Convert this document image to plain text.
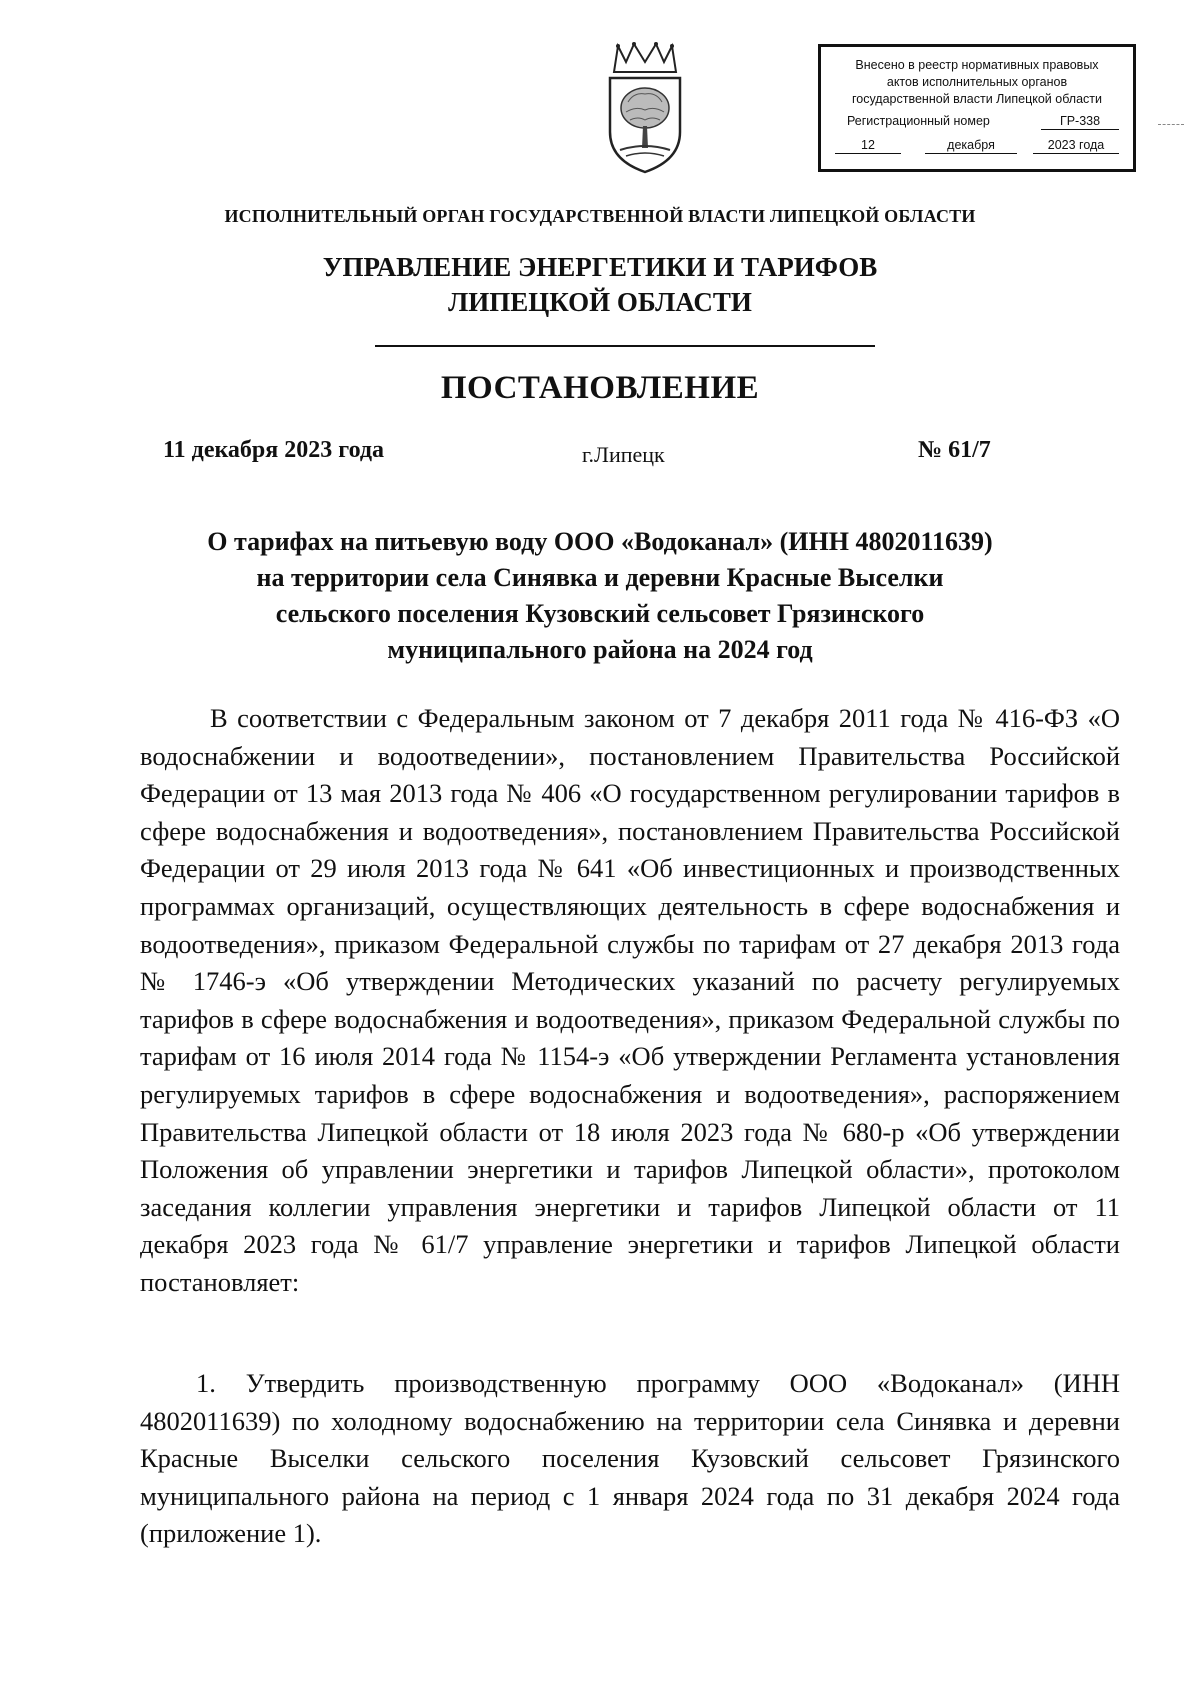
Внесено в реестр нормативных правовых
актов исполнительных органов
государственной власти Липецкой области
Регистрационный номер	ГР-338
12	декабря	2023 года
ИСПОЛНИТЕЛЬНЫЙ ОРГАН ГОСУДАРСТВЕННОЙ ВЛАСТИ ЛИПЕЦКОЙ ОБЛАСТИ
УПРАВЛЕНИЕ ЭНЕРГЕТИКИ И ТАРИФОВ
ЛИПЕЦКОЙ ОБЛАСТИ
ПОСТАНОВЛЕНИЕ
11 декабря 2023 года	г.Липецк	№ 61/7
О тарифах на питьевую воду ООО «Водоканал» (ИНН 4802011639)
на территории села Синявка и деревни Красные Выселки
сельского поселения Кузовский сельсовет Грязинского
муниципального района на 2024 год
В соответствии с Федеральным законом от 7 декабря 2011 года № 416-ФЗ «О водоснабжении и водоотведении», постановлением Правительства Российской Федерации от 13 мая 2013 года № 406 «О государственном регулировании тарифов в сфере водоснабжения и водоотведения», постановлением Правительства Российской Федерации от 29 июля 2013 года № 641 «Об инвестиционных и производственных программах организаций, осуществляющих деятельность в сфере водоснабжения и водоотведения», приказом Федеральной службы по тарифам от 27 декабря 2013 года № 1746-э «Об утверждении Методических указаний по расчету регулируемых тарифов в сфере водоснабжения и водоотведения», приказом Федеральной службы по тарифам от 16 июля 2014 года № 1154-э «Об утверждении Регламента установления регулируемых тарифов в сфере водоснабжения и водоотведения», распоряжением Правительства Липецкой области от 18 июля 2023 года № 680-р «Об утверждении Положения об управлении энергетики и тарифов Липецкой области», протоколом заседания коллегии управления энергетики и тарифов Липецкой области от 11 декабря 2023 года № 61/7 управление энергетики и тарифов Липецкой области постановляет:
1. Утвердить производственную программу ООО «Водоканал» (ИНН 4802011639) по холодному водоснабжению на территории села Синявка и деревни Красные Выселки сельского поселения Кузовский сельсовет Грязинского муниципального района на период с 1 января 2024 года по 31 декабря 2024 года (приложение 1).
